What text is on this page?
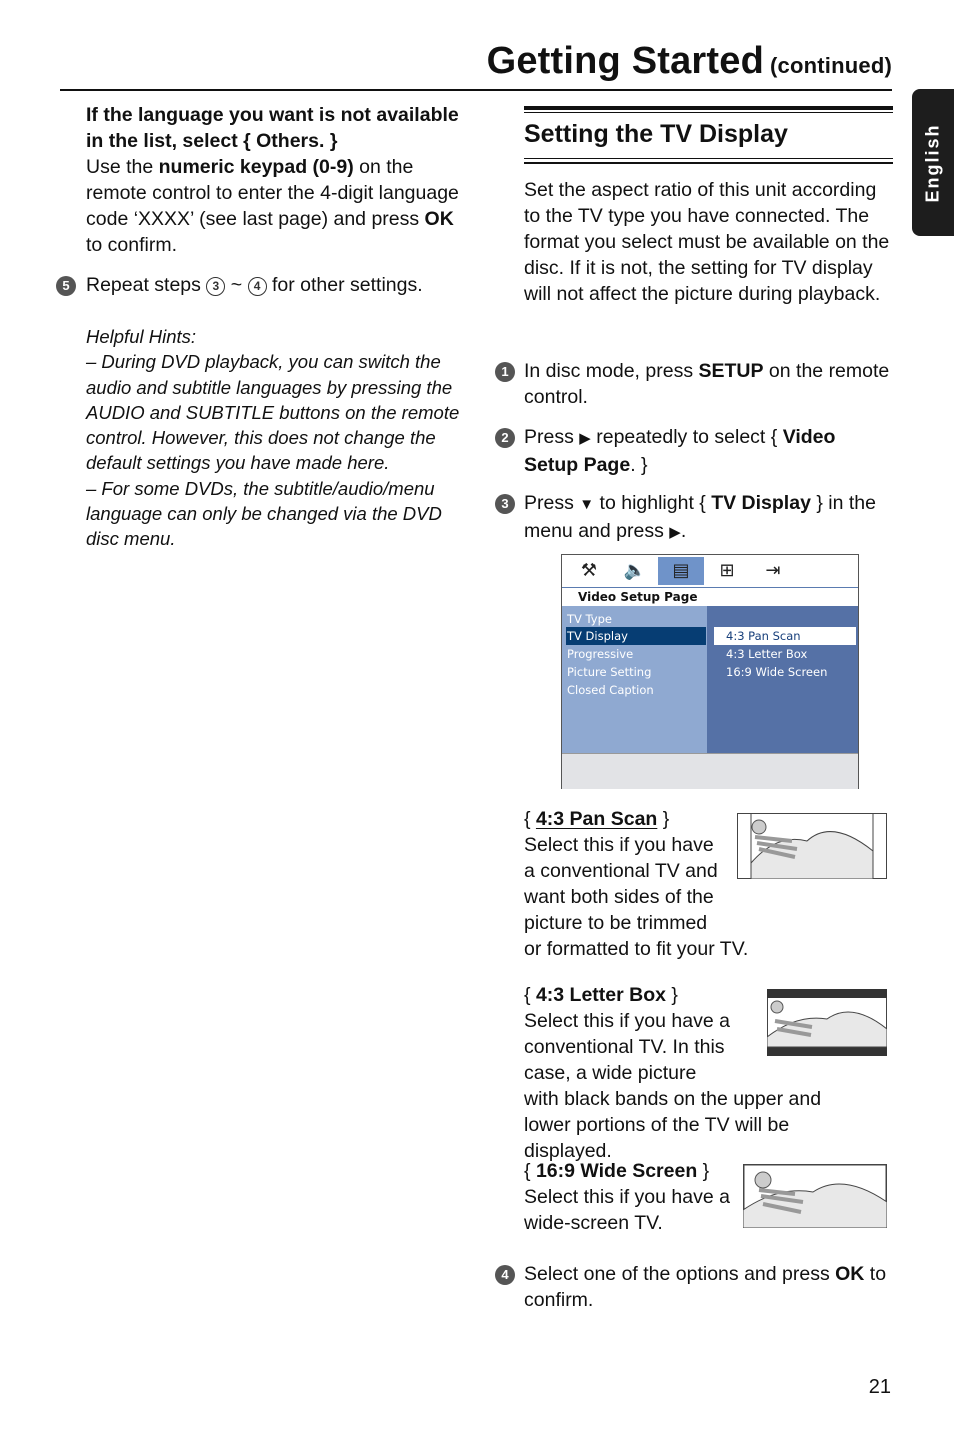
Getting Started (continued)
English
If the language you want is not available in the list, select { Others. }
Use the numeric keypad (0-9) on the remote control to enter the 4-digit language code ‘XXXX’ (see last page) and press OK to confirm.
5 Repeat steps 3 ~ 4 for other settings.
Helpful Hints:
– During DVD playback, you can switch the audio and subtitle languages by pressing the AUDIO and SUBTITLE buttons on the remote control. However, this does not change the default settings you have made here.
– For some DVDs, the subtitle/audio/menu language can only be changed via the DVD disc menu.
Setting the TV Display
Set the aspect ratio of this unit according to the TV type you have connected. The format you select must be available on the disc. If it is not, the setting for TV display will not affect the picture during playback.
1 In disc mode, press SETUP on the remote control.
2 Press ▶ repeatedly to select { Video Setup Page. }
3 Press ▼ to highlight { TV Display } in the menu and press ▶.
⚒	🔈	▤	⊞	⇥
Video Setup Page
TV Type
TV Display
Progressive
Picture Setting
Closed Caption
4:3 Pan Scan
4:3 Letter Box
16:9 Wide Screen
{ 4:3 Pan Scan }
Select this if you have a conventional TV and want both sides of the picture to be trimmed or formatted to fit your TV.
{ 4:3 Letter Box }
Select this if you have a conventional TV. In this case, a wide picture with black bands on the upper and lower portions of the TV will be displayed.
{ 16:9 Wide Screen }
Select this if you have a wide-screen TV.
4 Select one of the options and press OK to confirm.
21
